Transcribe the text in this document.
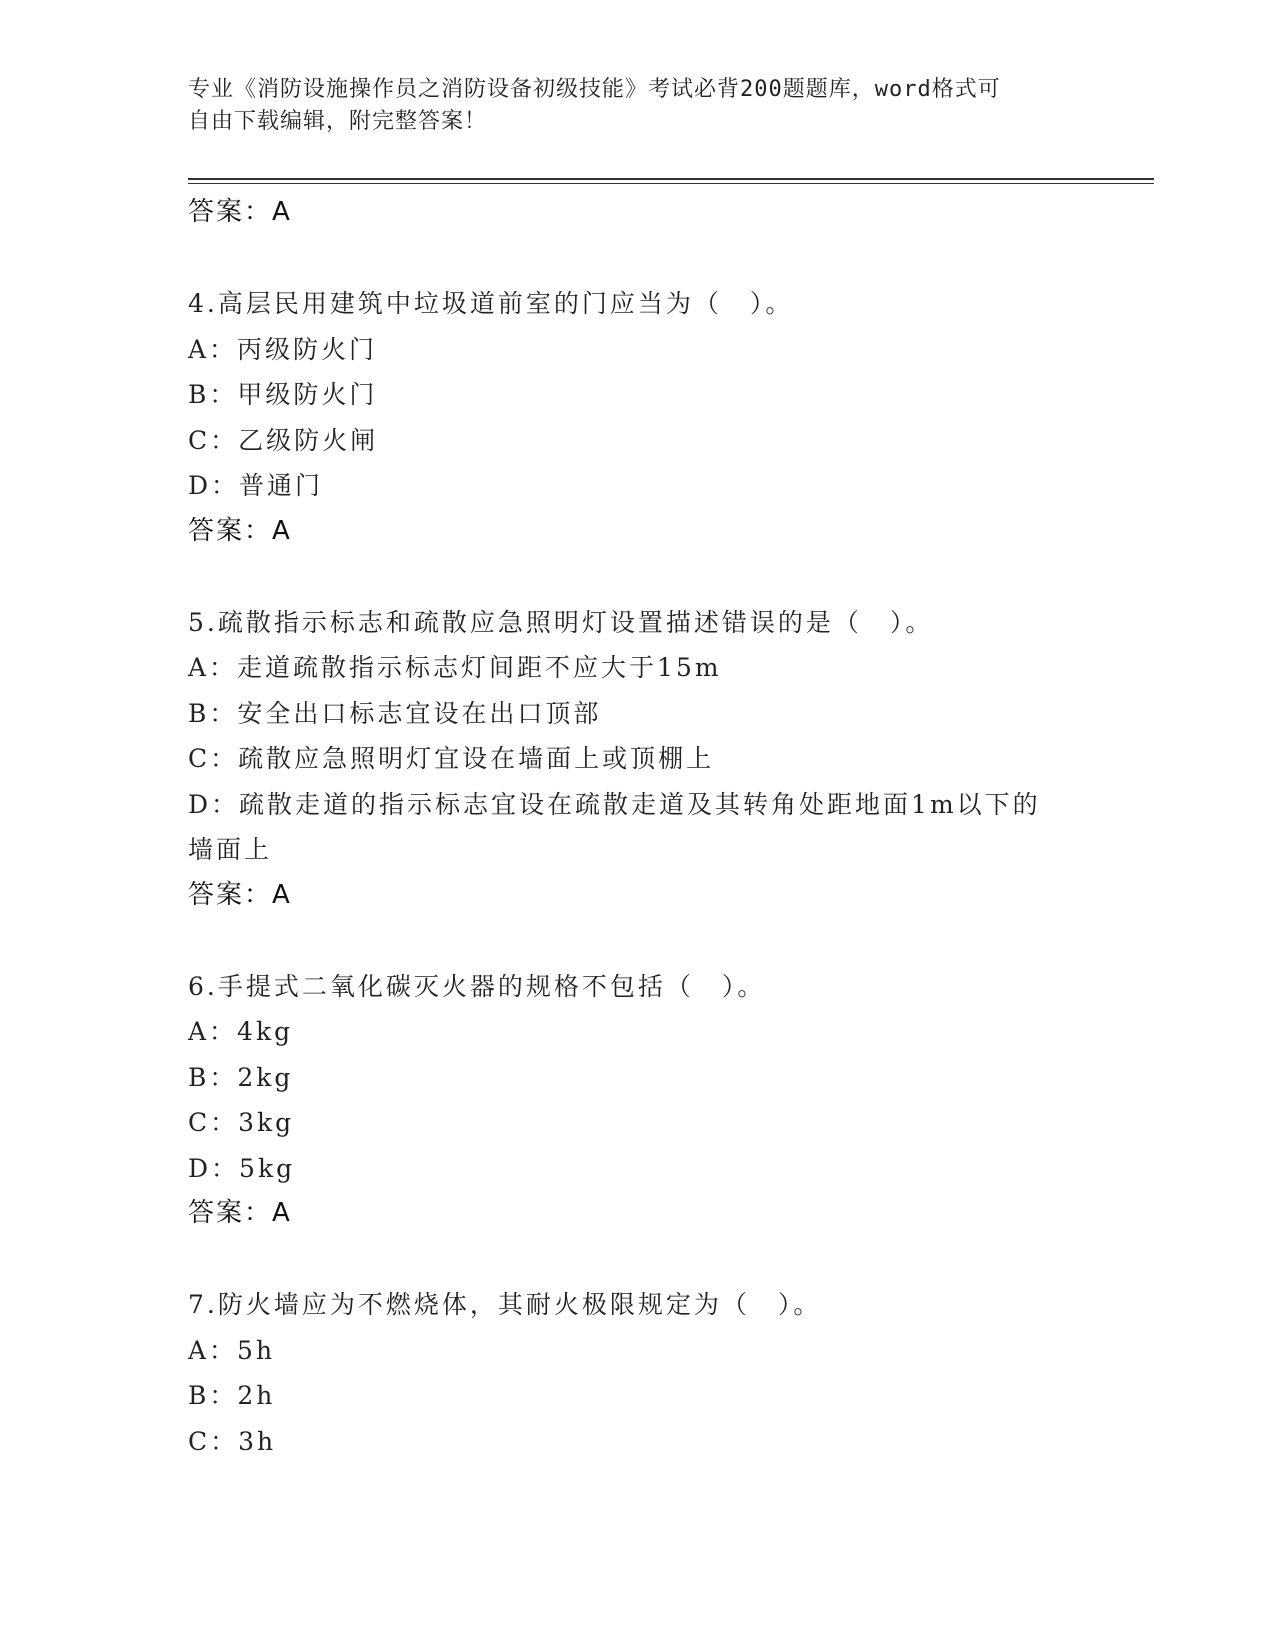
专业《消防设施操作员之消防设备初级技能》考试必背200题题库，word格式可
自由下载编辑，附完整答案！
答案：A
4.高层民用建筑中垃圾道前室的门应当为（　）。
A：丙级防火门
B：甲级防火门
C：乙级防火闸
D：普通门
答案：A
5.疏散指示标志和疏散应急照明灯设置描述错误的是（　）。
A：走道疏散指示标志灯间距不应大于15m
B：安全出口标志宜设在出口顶部
C：疏散应急照明灯宜设在墙面上或顶棚上
D：疏散走道的指示标志宜设在疏散走道及其转角处距地面1m以下的
墙面上
答案：A
6.手提式二氧化碳灭火器的规格不包括（　）。
A：4kg
B：2kg
C：3kg
D：5kg
答案：A
7.防火墙应为不燃烧体，其耐火极限规定为（　）。
A：5h
B：2h
C：3h
